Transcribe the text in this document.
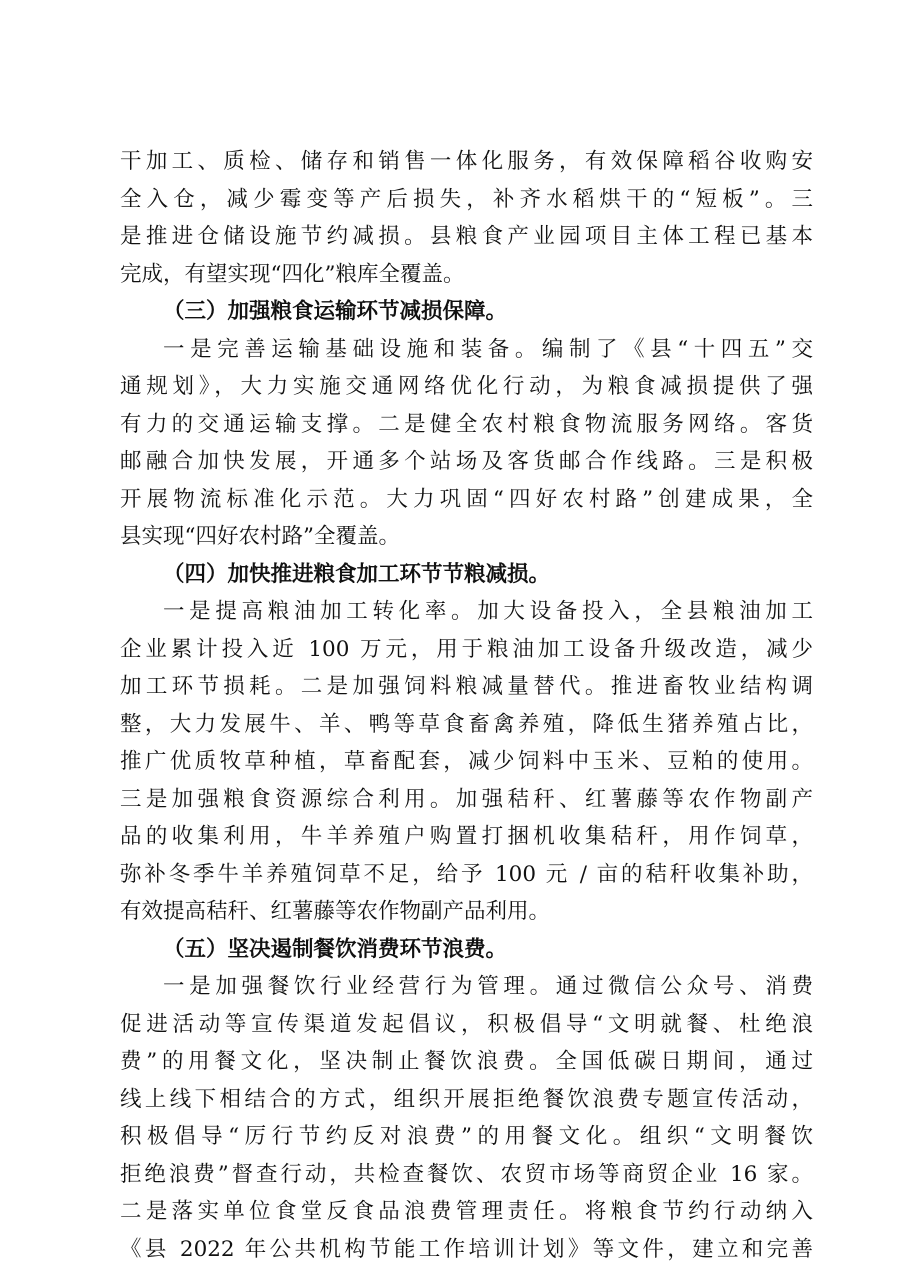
干加工、质检、储存和销售一体化服务，有效保障稻谷收购安
全入仓，减少霉变等产后损失，补齐水稻烘干的“短板”。三
是推进仓储设施节约减损。县粮食产业园项目主体工程已基本
完成，有望实现“四化”粮库全覆盖。
（三）加强粮食运输环节减损保障。
一是完善运输基础设施和装备。编制了《县“十四五”交
通规划》，大力实施交通网络优化行动，为粮食减损提供了强
有力的交通运输支撑。二是健全农村粮食物流服务网络。客货
邮融合加快发展，开通多个站场及客货邮合作线路。三是积极
开展物流标准化示范。大力巩固“四好农村路”创建成果，全
县实现“四好农村路”全覆盖。
（四）加快推进粮食加工环节节粮减损。
一是提高粮油加工转化率。加大设备投入，全县粮油加工
企业累计投入近 100 万元，用于粮油加工设备升级改造，减少
加工环节损耗。二是加强饲料粮减量替代。推进畜牧业结构调
整，大力发展牛、羊、鸭等草食畜禽养殖，降低生猪养殖占比，
推广优质牧草种植，草畜配套，减少饲料中玉米、豆粕的使用。
三是加强粮食资源综合利用。加强秸秆、红薯藤等农作物副产
品的收集利用，牛羊养殖户购置打捆机收集秸秆，用作饲草，
弥补冬季牛羊养殖饲草不足，给予 100 元 / 亩的秸秆收集补助，
有效提高秸秆、红薯藤等农作物副产品利用。
（五）坚决遏制餐饮消费环节浪费。
一是加强餐饮行业经营行为管理。通过微信公众号、消费
促进活动等宣传渠道发起倡议，积极倡导“文明就餐、杜绝浪
费”的用餐文化，坚决制止餐饮浪费。全国低碳日期间，通过
线上线下相结合的方式，组织开展拒绝餐饮浪费专题宣传活动，
积极倡导“厉行节约反对浪费”的用餐文化。组织“文明餐饮
拒绝浪费”督查行动，共检查餐饮、农贸市场等商贸企业 16 家。
二是落实单位食堂反食品浪费管理责任。将粮食节约行动纳入
《县 2022 年公共机构节能工作培训计划》等文件，建立和完善
